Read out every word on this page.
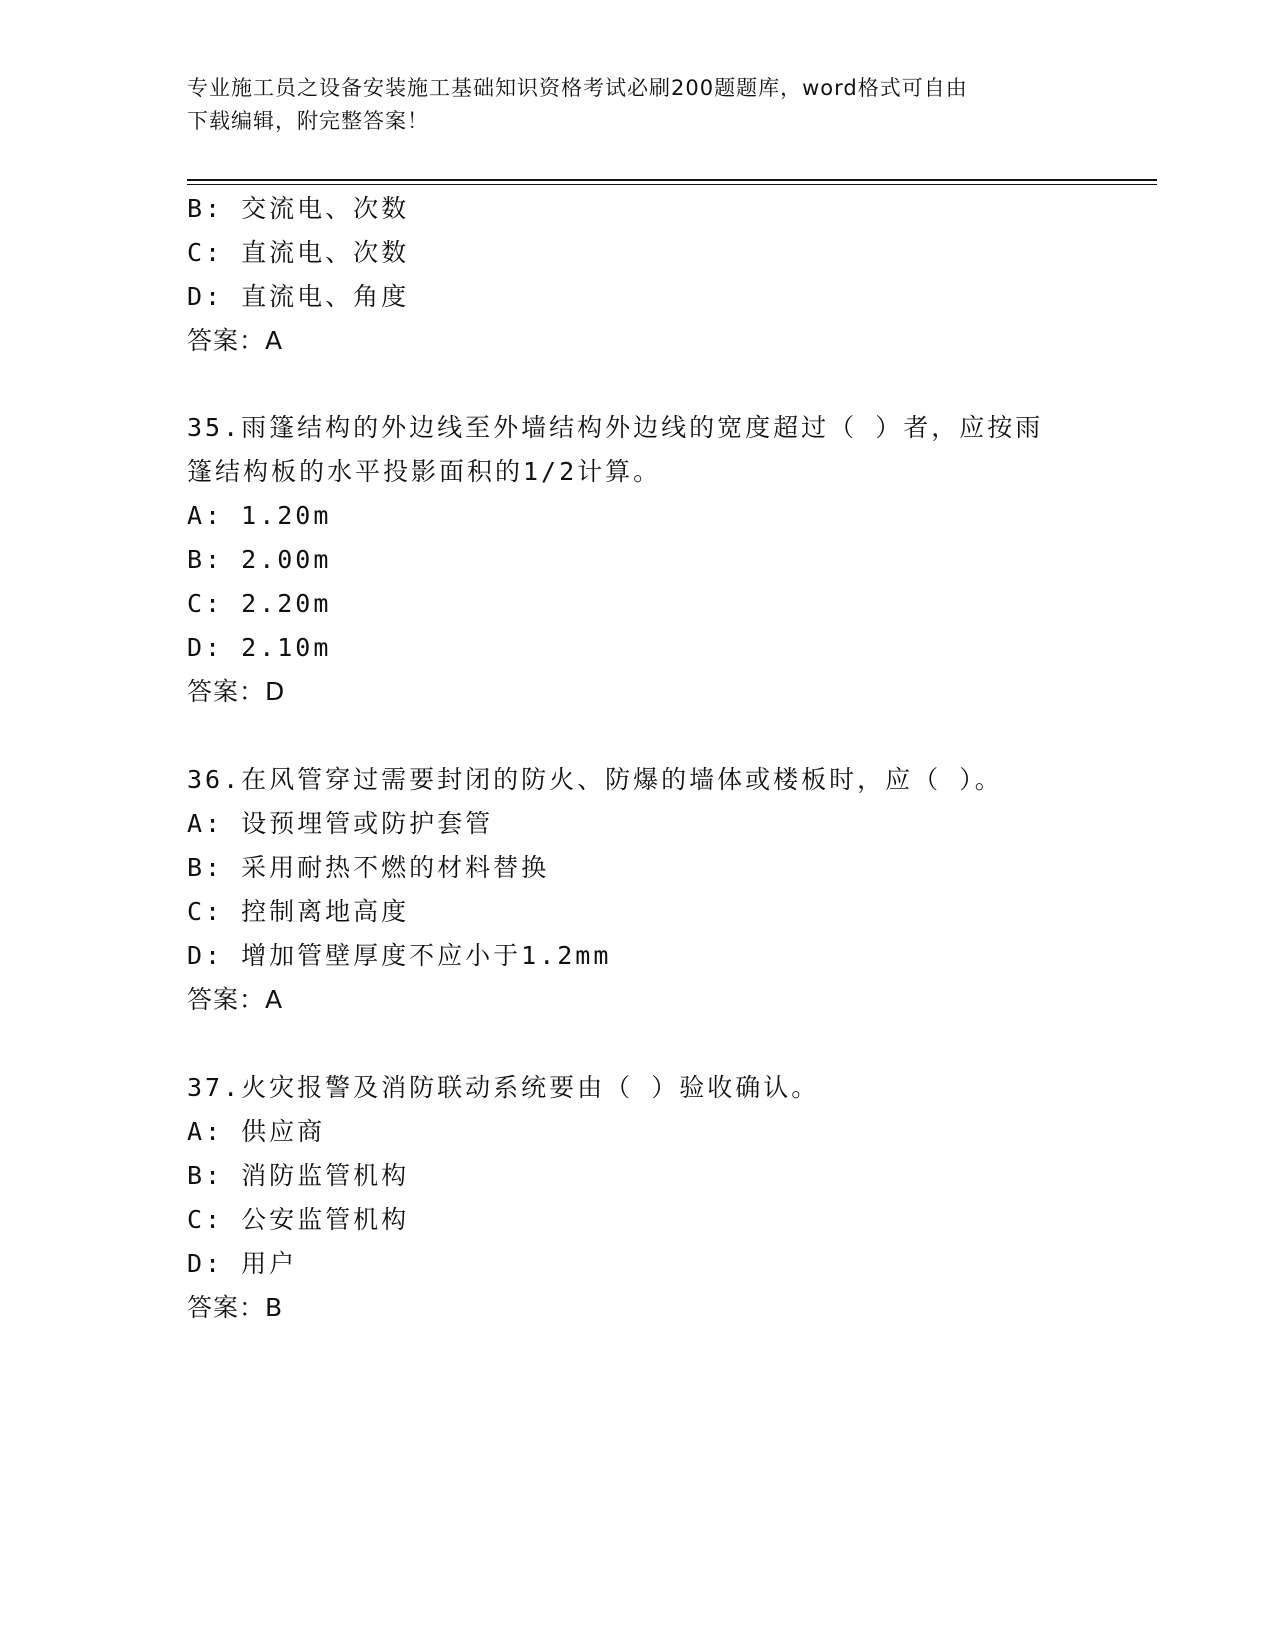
专业施工员之设备安装施工基础知识资格考试必刷200题题库，word格式可自由
下载编辑，附完整答案！
B: 交流电、次数
C: 直流电、次数
D: 直流电、角度
答案：A
35.雨篷结构的外边线至外墙结构外边线的宽度超过（ ）者，应按雨
篷结构板的水平投影面积的1/2计算。
A: 1.20m
B: 2.00m
C: 2.20m
D: 2.10m
答案：D
36.在风管穿过需要封闭的防火、防爆的墙体或楼板时，应（ ）。
A: 设预埋管或防护套管
B: 采用耐热不燃的材料替换
C: 控制离地高度
D: 增加管壁厚度不应小于1.2mm
答案：A
37.火灾报警及消防联动系统要由（ ）验收确认。
A: 供应商
B: 消防监管机构
C: 公安监管机构
D: 用户
答案：B
